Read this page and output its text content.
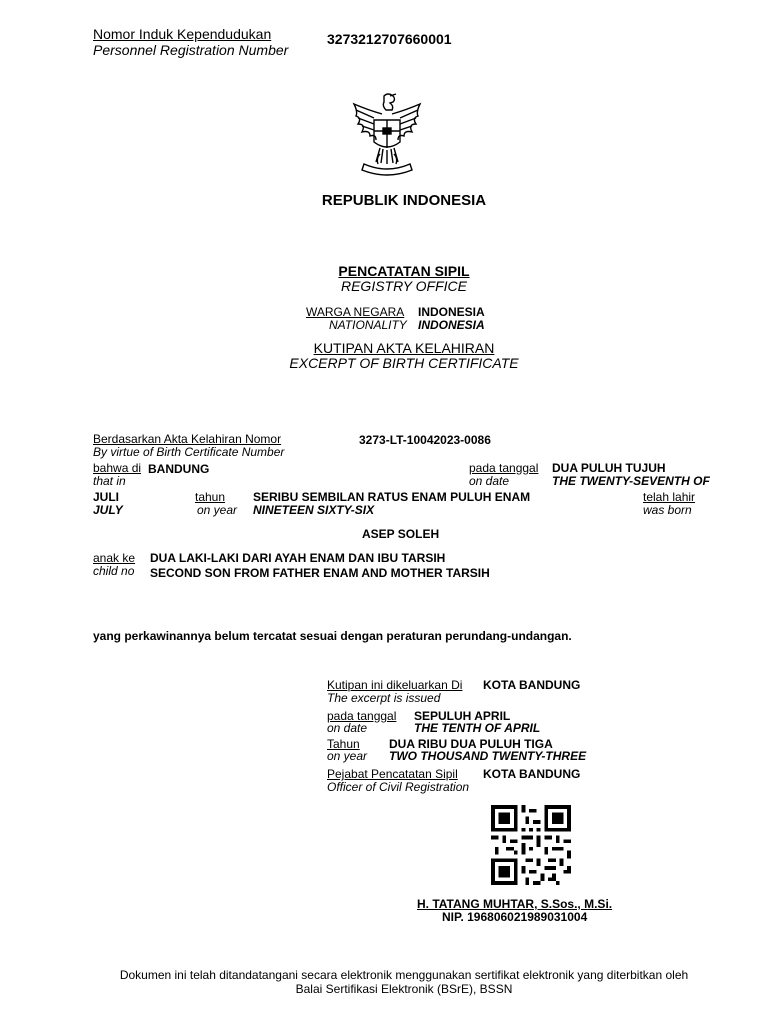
Nomor Induk Kependudukan
Personnel Registration Number
3273212707660001
REPUBLIK INDONESIA
PENCATATAN SIPIL
REGISTRY OFFICE
WARGA NEGARA INDONESIA
NATIONALITY INDONESIA
KUTIPAN AKTA KELAHIRAN
EXCERPT OF BIRTH CERTIFICATE
Berdasarkan Akta Kelahiran Nomor
By virtue of Birth Certificate Number
3273-LT-10042023-0086
bahwa di BANDUNG
that in
pada tanggal
on date
DUA PULUH TUJUH
THE TWENTY-SEVENTH OF
JULI
JULY
tahun
on year
SERIBU SEMBILAN RATUS ENAM PULUH ENAM
NINETEEN SIXTY-SIX
telah lahir
was born
ASEP SOLEH
anak ke
child no
DUA LAKI-LAKI DARI AYAH ENAM DAN IBU TARSIH
SECOND SON FROM FATHER ENAM AND MOTHER TARSIH
yang perkawinannya belum tercatat sesuai dengan peraturan perundang-undangan.
Kutipan ini dikeluarkan Di
The excerpt is issued
KOTA BANDUNG
pada tanggal
on date
SEPULUH APRIL
THE TENTH OF APRIL
Tahun
on year
DUA RIBU DUA PULUH TIGA
TWO THOUSAND TWENTY-THREE
Pejabat Pencatatan Sipil
Officer of Civil Registration
KOTA BANDUNG
H. TATANG MUHTAR, S.Sos., M.Si.
NIP. 196806021989031004
Dokumen ini telah ditandatangani secara elektronik menggunakan sertifikat elektronik yang diterbitkan oleh
Balai Sertifikasi Elektronik (BSrE), BSSN
